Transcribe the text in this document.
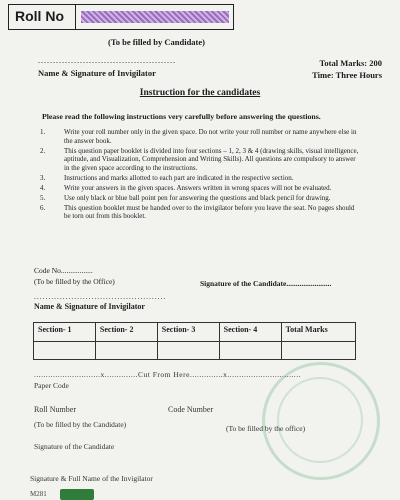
Roll No
(To be filled by Candidate)
..............................................
Name & Signature of Invigilator
Total Marks: 200
Time: Three Hours
Instruction for the candidates
Please read the following instructions very carefully before answering the questions.
1.	Write your roll number only in the given space. Do not write your roll number or name anywhere else in the answer book.
2.	This question paper booklet is divided into four sections – 1, 2, 3 & 4 (drawing skills, visual intelligence, aptitude, and Visualization, Comprehension and Writing Skills). All questions are compulsory to answer in the given space according to the instructions.
3.	Instructions and marks allotted to each part are indicated in the respective section.
4.	Write your answers in the given spaces. Answers written in wrong spaces will not be evaluated.
5.	Use only black or blue ball point pen for answering the questions and black pencil for drawing.
6.	This question booklet must be handed over to the invigilator before you leave the seat. No pages should be torn out from this booklet.
Code No.................
(To be filled by the Office)	Signature of the Candidate........................
..............................................
Name & Signature of Invigilator
Section- 1	Section- 2	Section- 3	Section- 4	Total Marks

............................x..............Cut From Here..............x...............................
Paper Code
Roll Number	Code Number
(To be filled by the Candidate)	(To be filled by the office)
Signature of the Candidate
Signature & Full Name of the Invigilator
M281
